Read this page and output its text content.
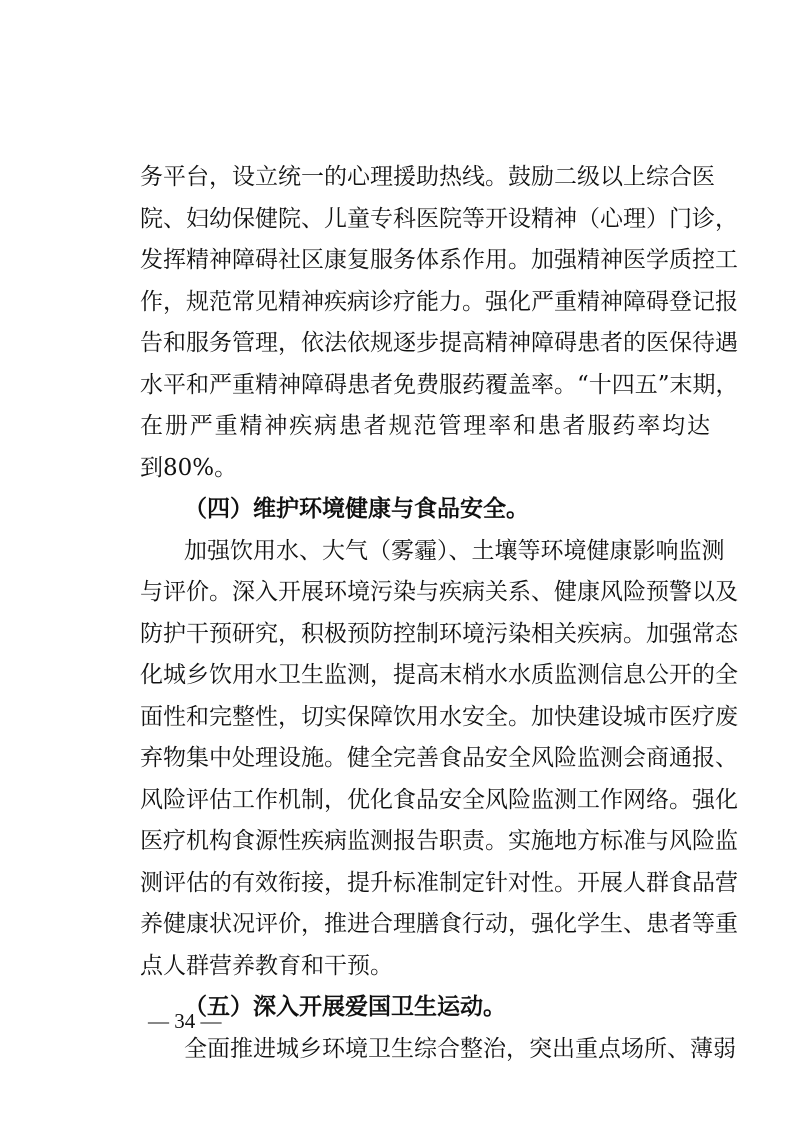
务平台，设立统一的心理援助热线。鼓励二级以上综合医
院、妇幼保健院、儿童专科医院等开设精神（心理）门诊，
发挥精神障碍社区康复服务体系作用。加强精神医学质控工
作，规范常见精神疾病诊疗能力。强化严重精神障碍登记报
告和服务管理，依法依规逐步提高精神障碍患者的医保待遇
水平和严重精神障碍患者免费服药覆盖率。“十四五”末期，
在册严重精神疾病患者规范管理率和患者服药率均达
到80%。
（四）维护环境健康与食品安全。
加强饮用水、大气（雾霾）、土壤等环境健康影响监测
与评价。深入开展环境污染与疾病关系、健康风险预警以及
防护干预研究，积极预防控制环境污染相关疾病。加强常态
化城乡饮用水卫生监测，提高末梢水水质监测信息公开的全
面性和完整性，切实保障饮用水安全。加快建设城市医疗废
弃物集中处理设施。健全完善食品安全风险监测会商通报、
风险评估工作机制，优化食品安全风险监测工作网络。强化
医疗机构食源性疾病监测报告职责。实施地方标准与风险监
测评估的有效衔接，提升标准制定针对性。开展人群食品营
养健康状况评价，推进合理膳食行动，强化学生、患者等重
点人群营养教育和干预。
（五）深入开展爱国卫生运动。
全面推进城乡环境卫生综合整治，突出重点场所、薄弱
— 34 —
